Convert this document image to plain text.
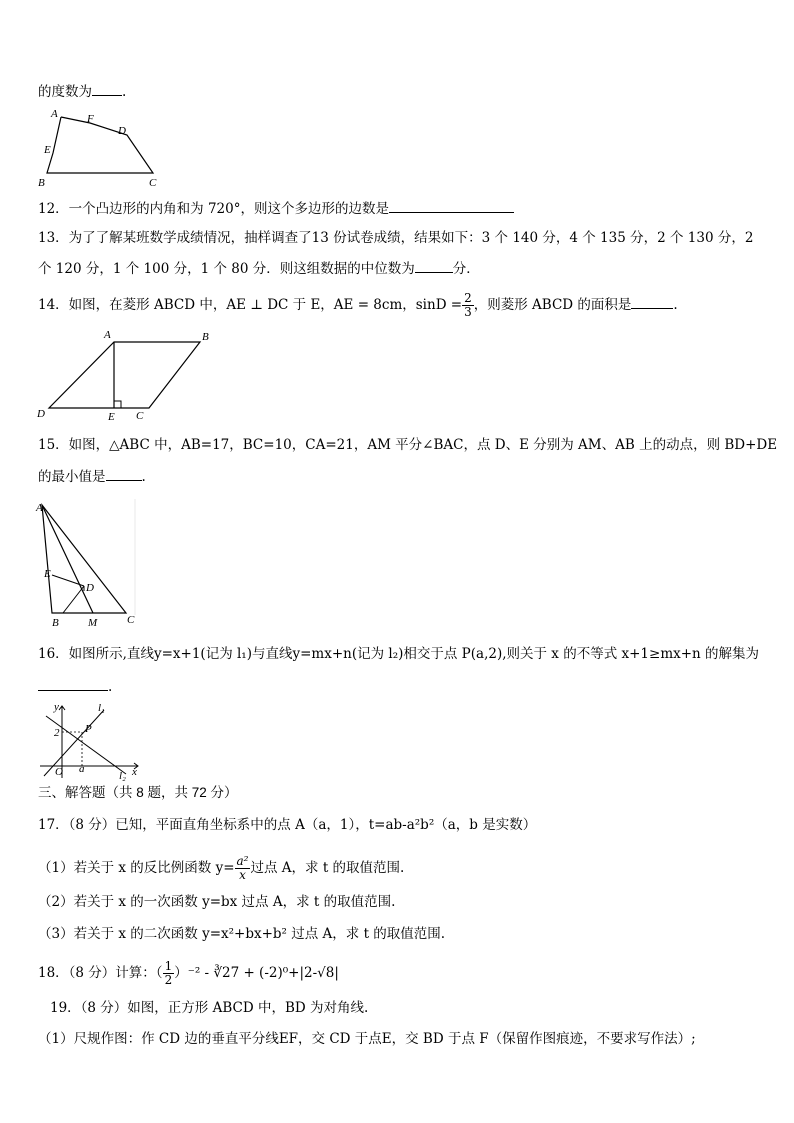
的度数为 .
A	F
D
E
B	C
12．一个凸边形的内角和为 720°，则这个多边形的边数是
13．为了了解某班数学成绩情况，抽样调查了13 份试卷成绩，结果如下：3 个 140 分，4 个 135 分，2 个 130 分，2
个 120 分，1 个 100 分，1 个 80 分．则这组数据的中位数为	分．
14．如图，在菱形 ABCD 中，AE ⊥ DC 于 E，AE = 8cm，$\sin D = \frac{2}{3}$ ，则菱形 ABCD 的面积是	.
A	B
D	E C
15．如图，△ABC 中，AB=17，BC=10，CA=21，AM 平分∠BAC，点 D、E 分别为 AM、AB 上的动点，则 BD+DE
的最小值是	.
A
E
D
B	M	C
16．如图所示,直线y=x+1(记为 l₁)与直线y=mx+n(记为 l₂)相交于点 P(a,2),则关于 x 的不等式 x+1≥mx+n 的解集为
.
y	l₁
2 P
O a
l₂ x
三、解答题（共 8 题，共 72 分）
17．（8 分）已知，平面直角坐标系中的点 A（a，1），t=ab-a²b²（a，b 是实数）
（1）若关于 x 的反比例函数 $y= \frac{\text{a²}}{x}$ 过点 A，求 t 的取值范围.
（2）若关于 x 的一次函数 y=bx 过点 A，求 t 的取值范围.
（3）若关于 x 的二次函数 y=x²+bx+b² 过点 A，求 t 的取值范围.
18．（8 分）计算：（ $\frac{1}{2} )^{-2}$ - ∛27 + (-2)⁰+|2-√8|
19．（8 分）如图，正方形 ABCD 中，BD 为对角线.
（1）尺规作图：作 CD 边的垂直平分线EF，交 CD 于点E，交 BD 于点 F（保留作图痕迹，不要求写作法）;
